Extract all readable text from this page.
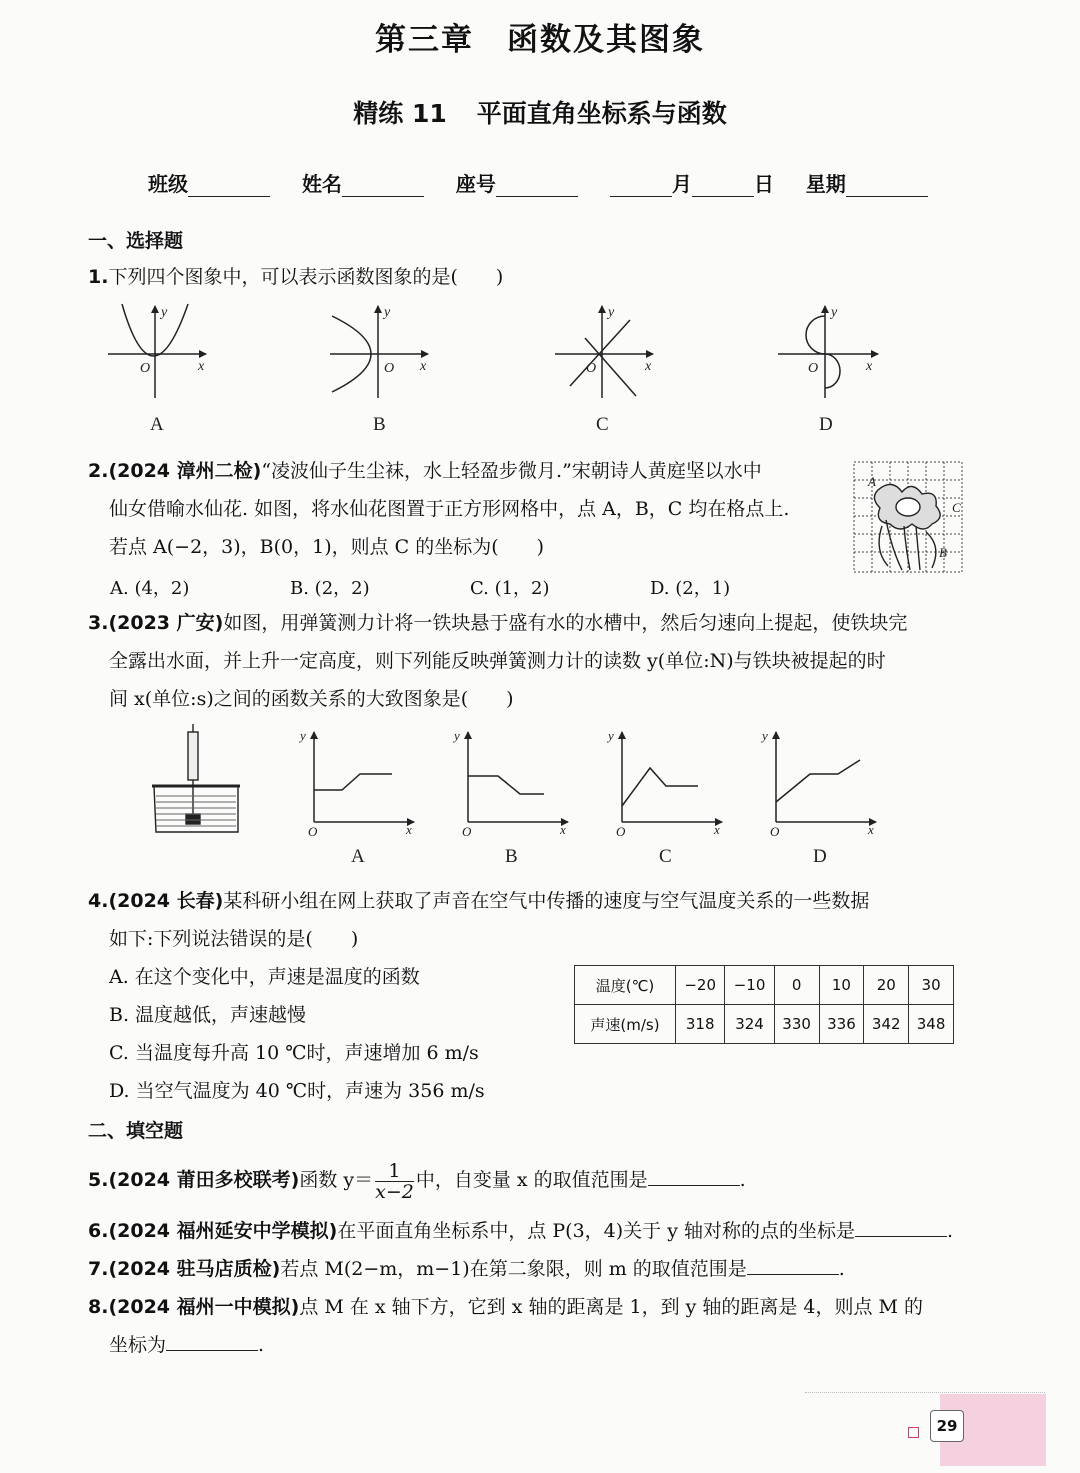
第三章　函数及其图象
精练 11 平面直角坐标系与函数
班级	姓名	座号	月	日 星期
一、选择题
1.下列四个图象中，可以表示函数图象的是(　　)
y
x
O
y
x
O
y
x
O
y
x
O
A	B	C	D
2.(2024 漳州二检)“凌波仙子生尘袜，水上轻盈步微月.”宋朝诗人黄庭坚以水中
仙女借喻水仙花. 如图，将水仙花图置于正方形网格中，点 A，B，C 均在格点上.
若点 A(−2，3)，B(0，1)，则点 C 的坐标为(　　)
A. (4，2)	B. (2，2)	C. (1，2)	D. (2，1)
A
B
C
3.(2023 广安)如图，用弹簧测力计将一铁块悬于盛有水的水槽中，然后匀速向上提起，使铁块完
全露出水面，并上升一定高度，则下列能反映弹簧测力计的读数 y(单位:N)与铁块被提起的时
间 x(单位:s)之间的函数关系的大致图象是(　　)
y
x
O
y
x
O
y
x
O
y
x
O
A	B	C	D
4.(2024 长春)某科研小组在网上获取了声音在空气中传播的速度与空气温度关系的一些数据
如下:下列说法错误的是(　　)
A. 在这个变化中，声速是温度的函数
B. 温度越低，声速越慢
C. 当温度每升高 10 ℃时，声速增加 6 m/s
D. 当空气温度为 40 ℃时，声速为 356 m/s
温度(℃)	−20	−10	0	10	20	30
声速(m/s)	318	324	330	336	342	348
二、填空题
5.(2024 莆田多校联考)函数 $y= \frac{1}{x-2}$ 中，自变量 x 的取值范围是	.
6.(2024 福州延安中学模拟)在平面直角坐标系中，点 P(3，4)关于 y 轴对称的点的坐标是	.
7.(2024 驻马店质检)若点 M(2−m，m−1)在第二象限，则 m 的取值范围是	.
8.(2024 福州一中模拟)点 M 在 x 轴下方，它到 x 轴的距离是 1，到 y 轴的距离是 4，则点 M 的
坐标为	.
29
